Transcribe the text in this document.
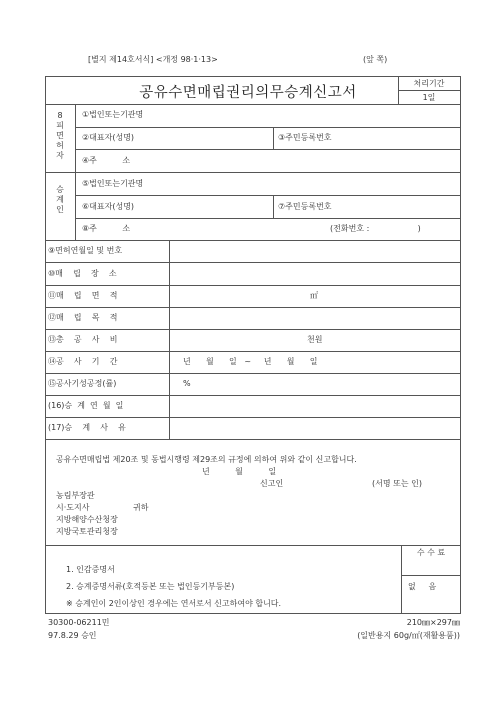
[별지 제14호서식] <개정 98·1·13>	(앞 쪽)
공유수면매립권리의무승계신고서
처리기간
1일
8
피
면
허
자
①법인또는기관명
②대표자(성명)	③주민등록번호
④주          소
승계인
⑤법인또는기관명
⑥대표자(성명)	⑦주민등록번호
⑧주          소	(전화번호 :                   )
⑨면허연월일 및 번호
⑩매    립    장    소
⑪매    립    면    적	㎡
⑫매    립    목    적
⑬총    공    사    비	천원
⑭공    사    기    간	년      월      일   ~     년      월      일
⑮공사기성공정(률)	%
(16)승  계  연  월  일
(17)승    계    사    유
공유수면매립법 제20조 및 동법시행령 제29조의 규정에 의하여 위와 같이 신고합니다.
년          월          일
신고인	(서명 또는 인)
농림부장관
시·도지사	귀하
지방해양수산청장
지방국토관리청장
1. 인감증명서
2. 승계증명서류(호적등본 또는 법인등기부등본)
※ 승계인이 2인이상인 경우에는 연서로서 신고하여야 합니다.
수 수 료
없     음
30300-06211민
97.8.29 승인
210㎜×297㎜
(일반용지 60g/㎡(재활용품))
